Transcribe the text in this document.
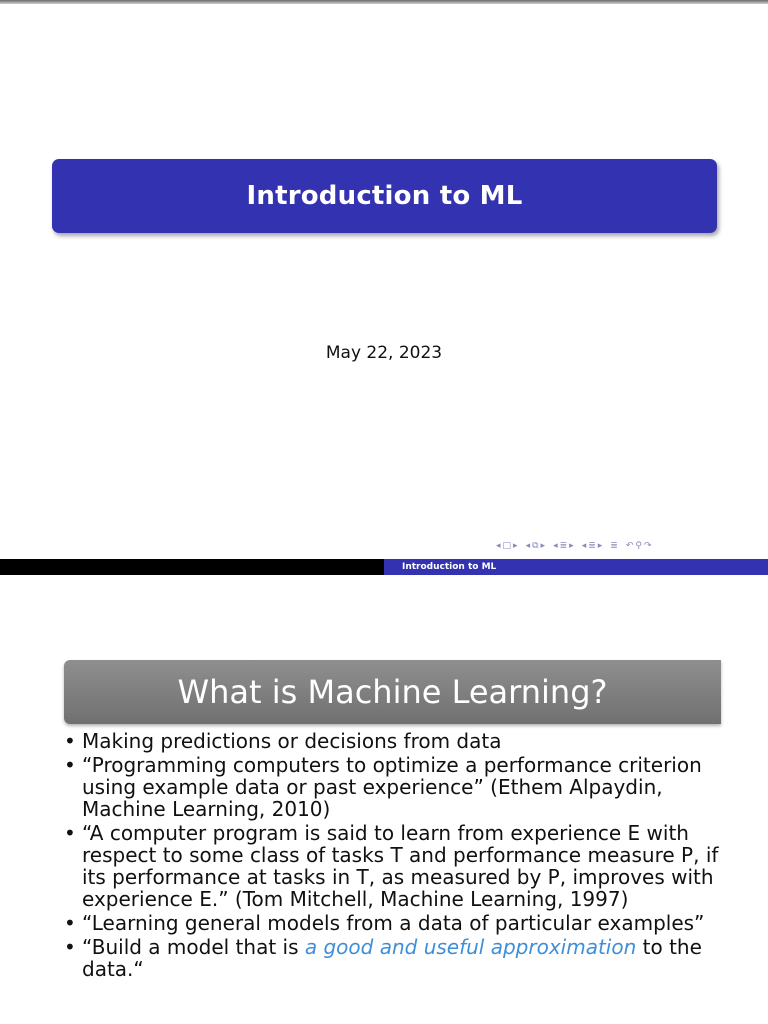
Introduction to ML
May 22, 2023
◂ □ ▸ ◂ ⧉ ▸ ◂ ≣ ▸ ◂ ≣ ▸ ≣ ↶ ⚲ ↷
Introduction to ML
What is Machine Learning?
• Making predictions or decisions from data
• “Programming computers to optimize a performance criterion using example data or past experience” (Ethem Alpaydin, Machine Learning, 2010)
• “A computer program is said to learn from experience E with respect to some class of tasks T and performance measure P, if its performance at tasks in T, as measured by P, improves with experience E.” (Tom Mitchell, Machine Learning, 1997)
• “Learning general models from a data of particular examples”
• “Build a model that is a good and useful approximation to the data.“
